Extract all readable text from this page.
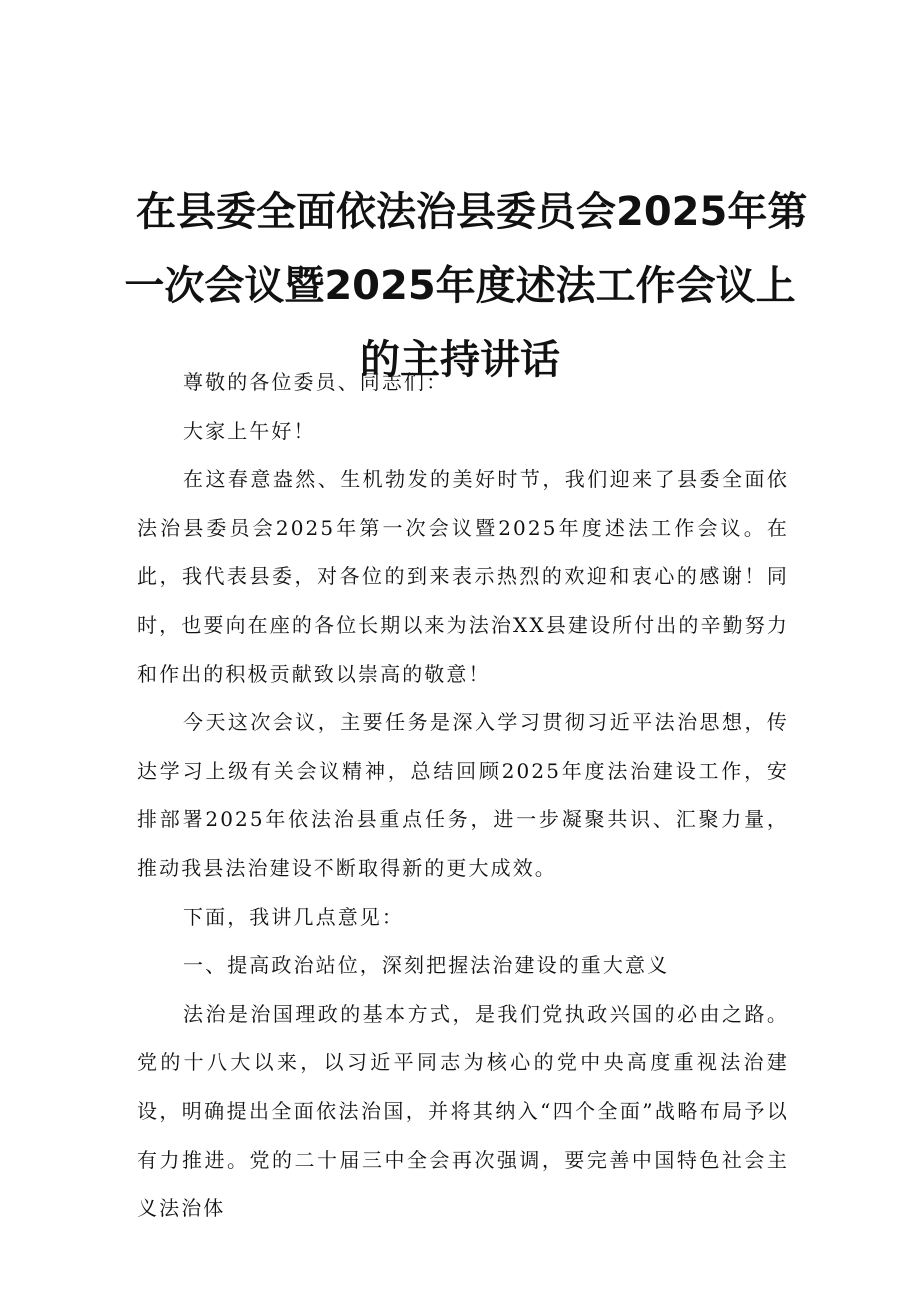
在县委全面依法治县委员会2025年第
一次会议暨2025年度述法工作会议上
的主持讲话

尊敬的各位委员、同志们：

大家上午好！

在这春意盎然、生机勃发的美好时节，我们迎来了县委全面依法治县委员会2025年第一次会议暨2025年度述法工作会议。在此，我代表县委，对各位的到来表示热烈的欢迎和衷心的感谢！同时，也要向在座的各位长期以来为法治XX县建设所付出的辛勤努力和作出的积极贡献致以崇高的敬意！

今天这次会议，主要任务是深入学习贯彻习近平法治思想，传达学习上级有关会议精神，总结回顾2025年度法治建设工作，安排部署2025年依法治县重点任务，进一步凝聚共识、汇聚力量，推动我县法治建设不断取得新的更大成效。

下面，我讲几点意见：

一、提高政治站位，深刻把握法治建设的重大意义

法治是治国理政的基本方式，是我们党执政兴国的必由之路。党的十八大以来，以习近平同志为核心的党中央高度重视法治建设，明确提出全面依法治国，并将其纳入“四个全面”战略布局予以有力推进。党的二十届三中全会再次强调，要完善中国特色社会主义法治体
